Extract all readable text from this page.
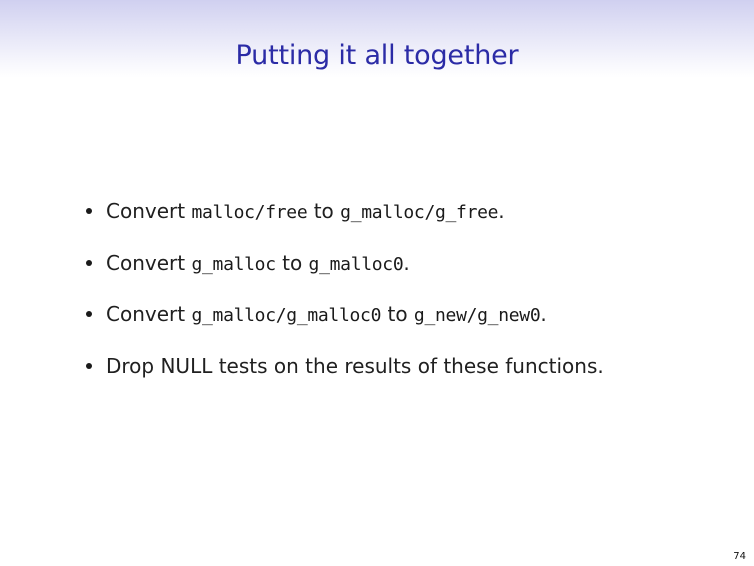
Putting it all together
Convert malloc/free to g_malloc/g_free.
Convert g_malloc to g_malloc0.
Convert g_malloc/g_malloc0 to g_new/g_new0.
Drop NULL tests on the results of these functions.
74
